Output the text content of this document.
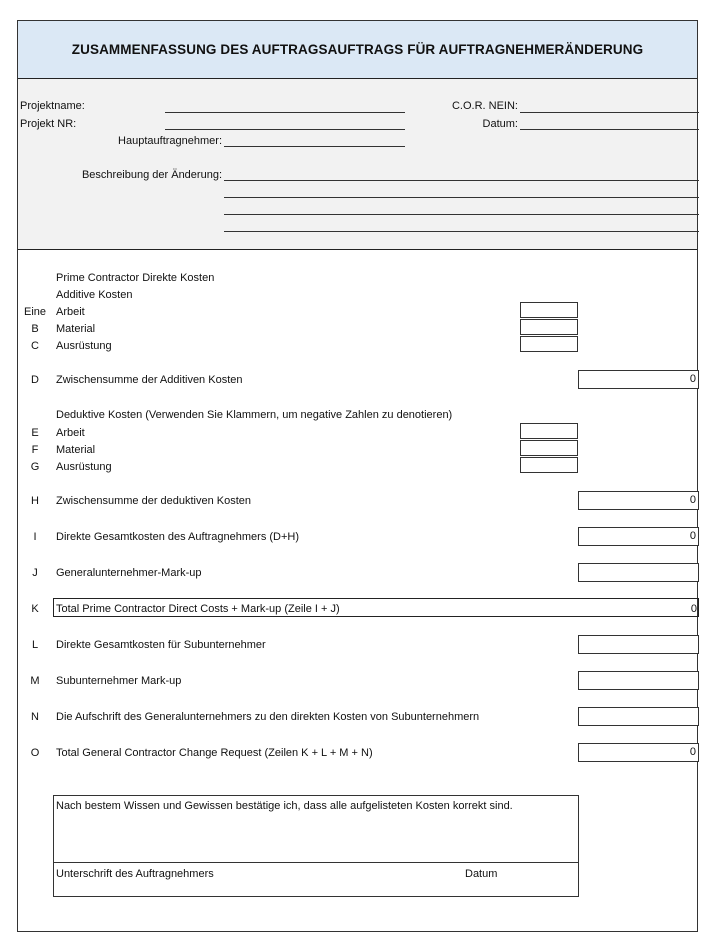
ZUSAMMENFASSUNG DES AUFTRAGSAUFTRAGS FÜR AUFTRAGNEHMERÄNDERUNG
Projektname:
Projekt NR:
C.O.R. NEIN:
Datum:
Hauptauftragnehmer:
Beschreibung der Änderung:
Prime Contractor Direkte Kosten
Additive Kosten
Eine Arbeit
B	Material
C	Ausrüstung
D	Zwischensumme der Additiven Kosten	0
Deduktive Kosten (Verwenden Sie Klammern, um negative Zahlen zu denotieren)
E	Arbeit
F	Material
G	Ausrüstung
H	Zwischensumme der deduktiven Kosten	0
I	Direkte Gesamtkosten des Auftragnehmers (D+H)	0
J	Generalunternehmer-Mark-up
K	Total Prime Contractor Direct Costs + Mark-up (Zeile I + J)	0
L	Direkte Gesamtkosten für Subunternehmer
M	Subunternehmer Mark-up
N	Die Aufschrift des Generalunternehmers zu den direkten Kosten von Subunternehmern
O	Total General Contractor Change Request (Zeilen K + L + M + N)	0
Nach bestem Wissen und Gewissen bestätige ich, dass alle aufgelisteten Kosten korrekt sind.
Unterschrift des Auftragnehmers	Datum
